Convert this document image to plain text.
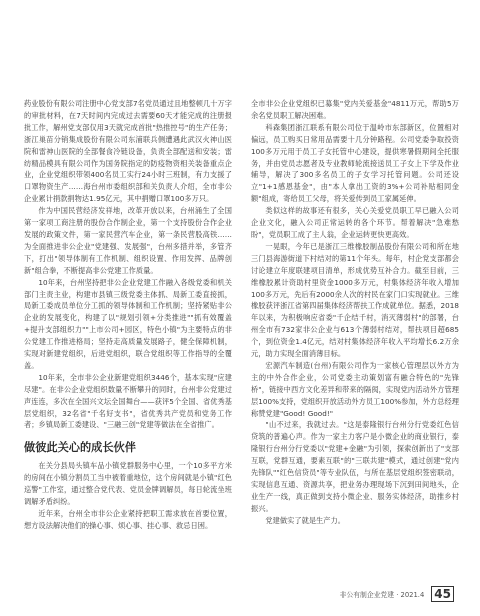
药业股份有限公司注册中心党支部7名党员通过且地整顿几十万字的审批材料，在7天时间内完成过去需要60天才能完成的注册报批工作，解州党支部仅用3天就完成首批"热推控号"的生产任务；浙江巢苗分销集成股份有限公司东浦联兵侧遭遇此武汉火神山医院和雷神山医院的全部餐食冷链设备，负责全部配送和安装；雷纺精品模具有限公司作为国务院指定的防疫物资相关装备重点企业，企业党组织带领400名员工实行24小时三班制，有力支援了口罩物资生产……海台州市委组织部和关负责人介绍，全市非公企业累计捐款捐物达1.95亿元，其中捐赠口罩100多万只。

作为中国民营经济发祥地，改革开放以来，台州涌生了全国第一家项工商注册的股份合作制企业，第一个支持股份合作企业发展的政策文件，第一家民营汽车企业，第一条民营股高铁……为全面推进非公企业"党建强、发展强"，台州多措并举，多管齐下，打出"领导体制有工作机制、组织设置、作用发挥、品牌创新"组合拳，不断提高非公党建工作质量。

10年来，台州坚持把非公企业党建工作融入各级党委和机关部门主责主业，构建市县镇三级党委主体抓、局新工委直接抓，局新工委成员单位分工抓的领导体制和工作机制；坚持紧贴非公企业的发展变化，构建了以"规划引领+分类推进""抓有效覆盖+提升支部组织力""上市公司+园区，特色小镇"为主要特点的非公党建工作推进格局；坚持走高质量发展路子，健全保障机制，实现对新建党组织，后进党组织，联合党组织等工作指导的全覆盖。

10年来，全市非公企业新建党组织3446个，基本实现"应建尽建"。在非公企业党组织数量不断攀升的同时，台州非公党建过声连连，多次在全国兴文坛全国舞台——获评5个全国、省优秀基层党组织，32名省"千名好支书"，省优秀共产党员和党务工作者；乡镇局新工委建设、"三融三创"党建等做法在全省推广。

做彼此关心的成长伙伴

在关分县局头镇车品小镇党群服务中心里，一个10多平方米的房间在小镇分割员工当中被着重地位，这个房间就是小镇"红色巡警"工作室，通过整合党代表、党员金牌调解员，每日轮流坐班调解矛盾纠纷。

近年来，台州全市非公企业紧持把职工需求放在首要位置，想方设法解决他们的操心事、烦心事、挂心事、救忌日困。

全市非公企业党组织已募集"党内关爱基金"4811万元，帮助5万余名党员职工解决困难。

科森集团浙江联系有限公司位于温岭市东部新区，位置相对偏远，员工购买日常用品需要十几分钟路程。公司党委争取投资100多万元用于员工子女托管中心建设，提供寒暑假期间全托服务，并由党员志愿者及专业教师轮流接送员工子女上下学及作业辅导，解决了300多名员工的子女学习托管问题。公司还设立"1+1感恩基金"，由"本人拿出工资的3%+公司补贴相同金额"组成，寄给员工父母，将关爱传到员工家属延伸。

类似这样的故事还有很多，关心关爱党员职工早已融入公司企业文化，融入公司正常运转的各个环节。帮着解决"急难愁盼"，党员职工成了主人翁，企业运转更快更高效。

一晃眼，今年已是浙江三维橡胶制品股份有限公司和所在地三门县海游街道下村结对的第11个年头。每年，村企党支部都会讨论建立年度联建项目清单，形成优势互补合力。截至目前，三维橡胶累计资助村里资金1000多万元，村集体经济年收入增加100多万元，先后有2000余人次的村民在家门口实现就业。三维橡胶获评浙江省第四届集体经济帮扶工作成就单位。据悉，2018年以来，为积极响应省委"千企结千村，消灭薄弱村"的部署，台州全市有732家非公企业与613个薄弱村结对，帮扶项目超685个，到位资金1.4亿元，结对村集体经济年收入平均增长6.2万余元，助力实现全面消薄目标。

宏源汽车制造(台州)有限公司作为一家核心管理层以外方为主的中外合作企业，公司党委主动策划富有融合特色的"先锋桥"，链接中西方文化差异和带来的隔阂，实现党内活动外方管理层100%支持，党组织开放活动外方员工100%参加，外方总经理称赞党建"Good! Good!"

"山不过来，我就过去。"这是泰隆银行台州分行党委红色信贷筑的普遍心声。作为一家主力客户是小微企业的商业银行，泰隆银行台州分行党委以"党建+金融"为引领，探索创新出了"支部互联，党群互通，要素互联"的"三联共建"模式，通过创建"党内先锋队""红色信贷员"等专业队伍，与所在基层党组织签密联动，实现信息互通、资源共享，把业务办理现场下沉到田间地头，企业生产一线，真正做到支持小微企业、服务实体经济，助推乡村振兴。

党建做实了就是生产力。

非公有制企业党建 · 2021.4 45
